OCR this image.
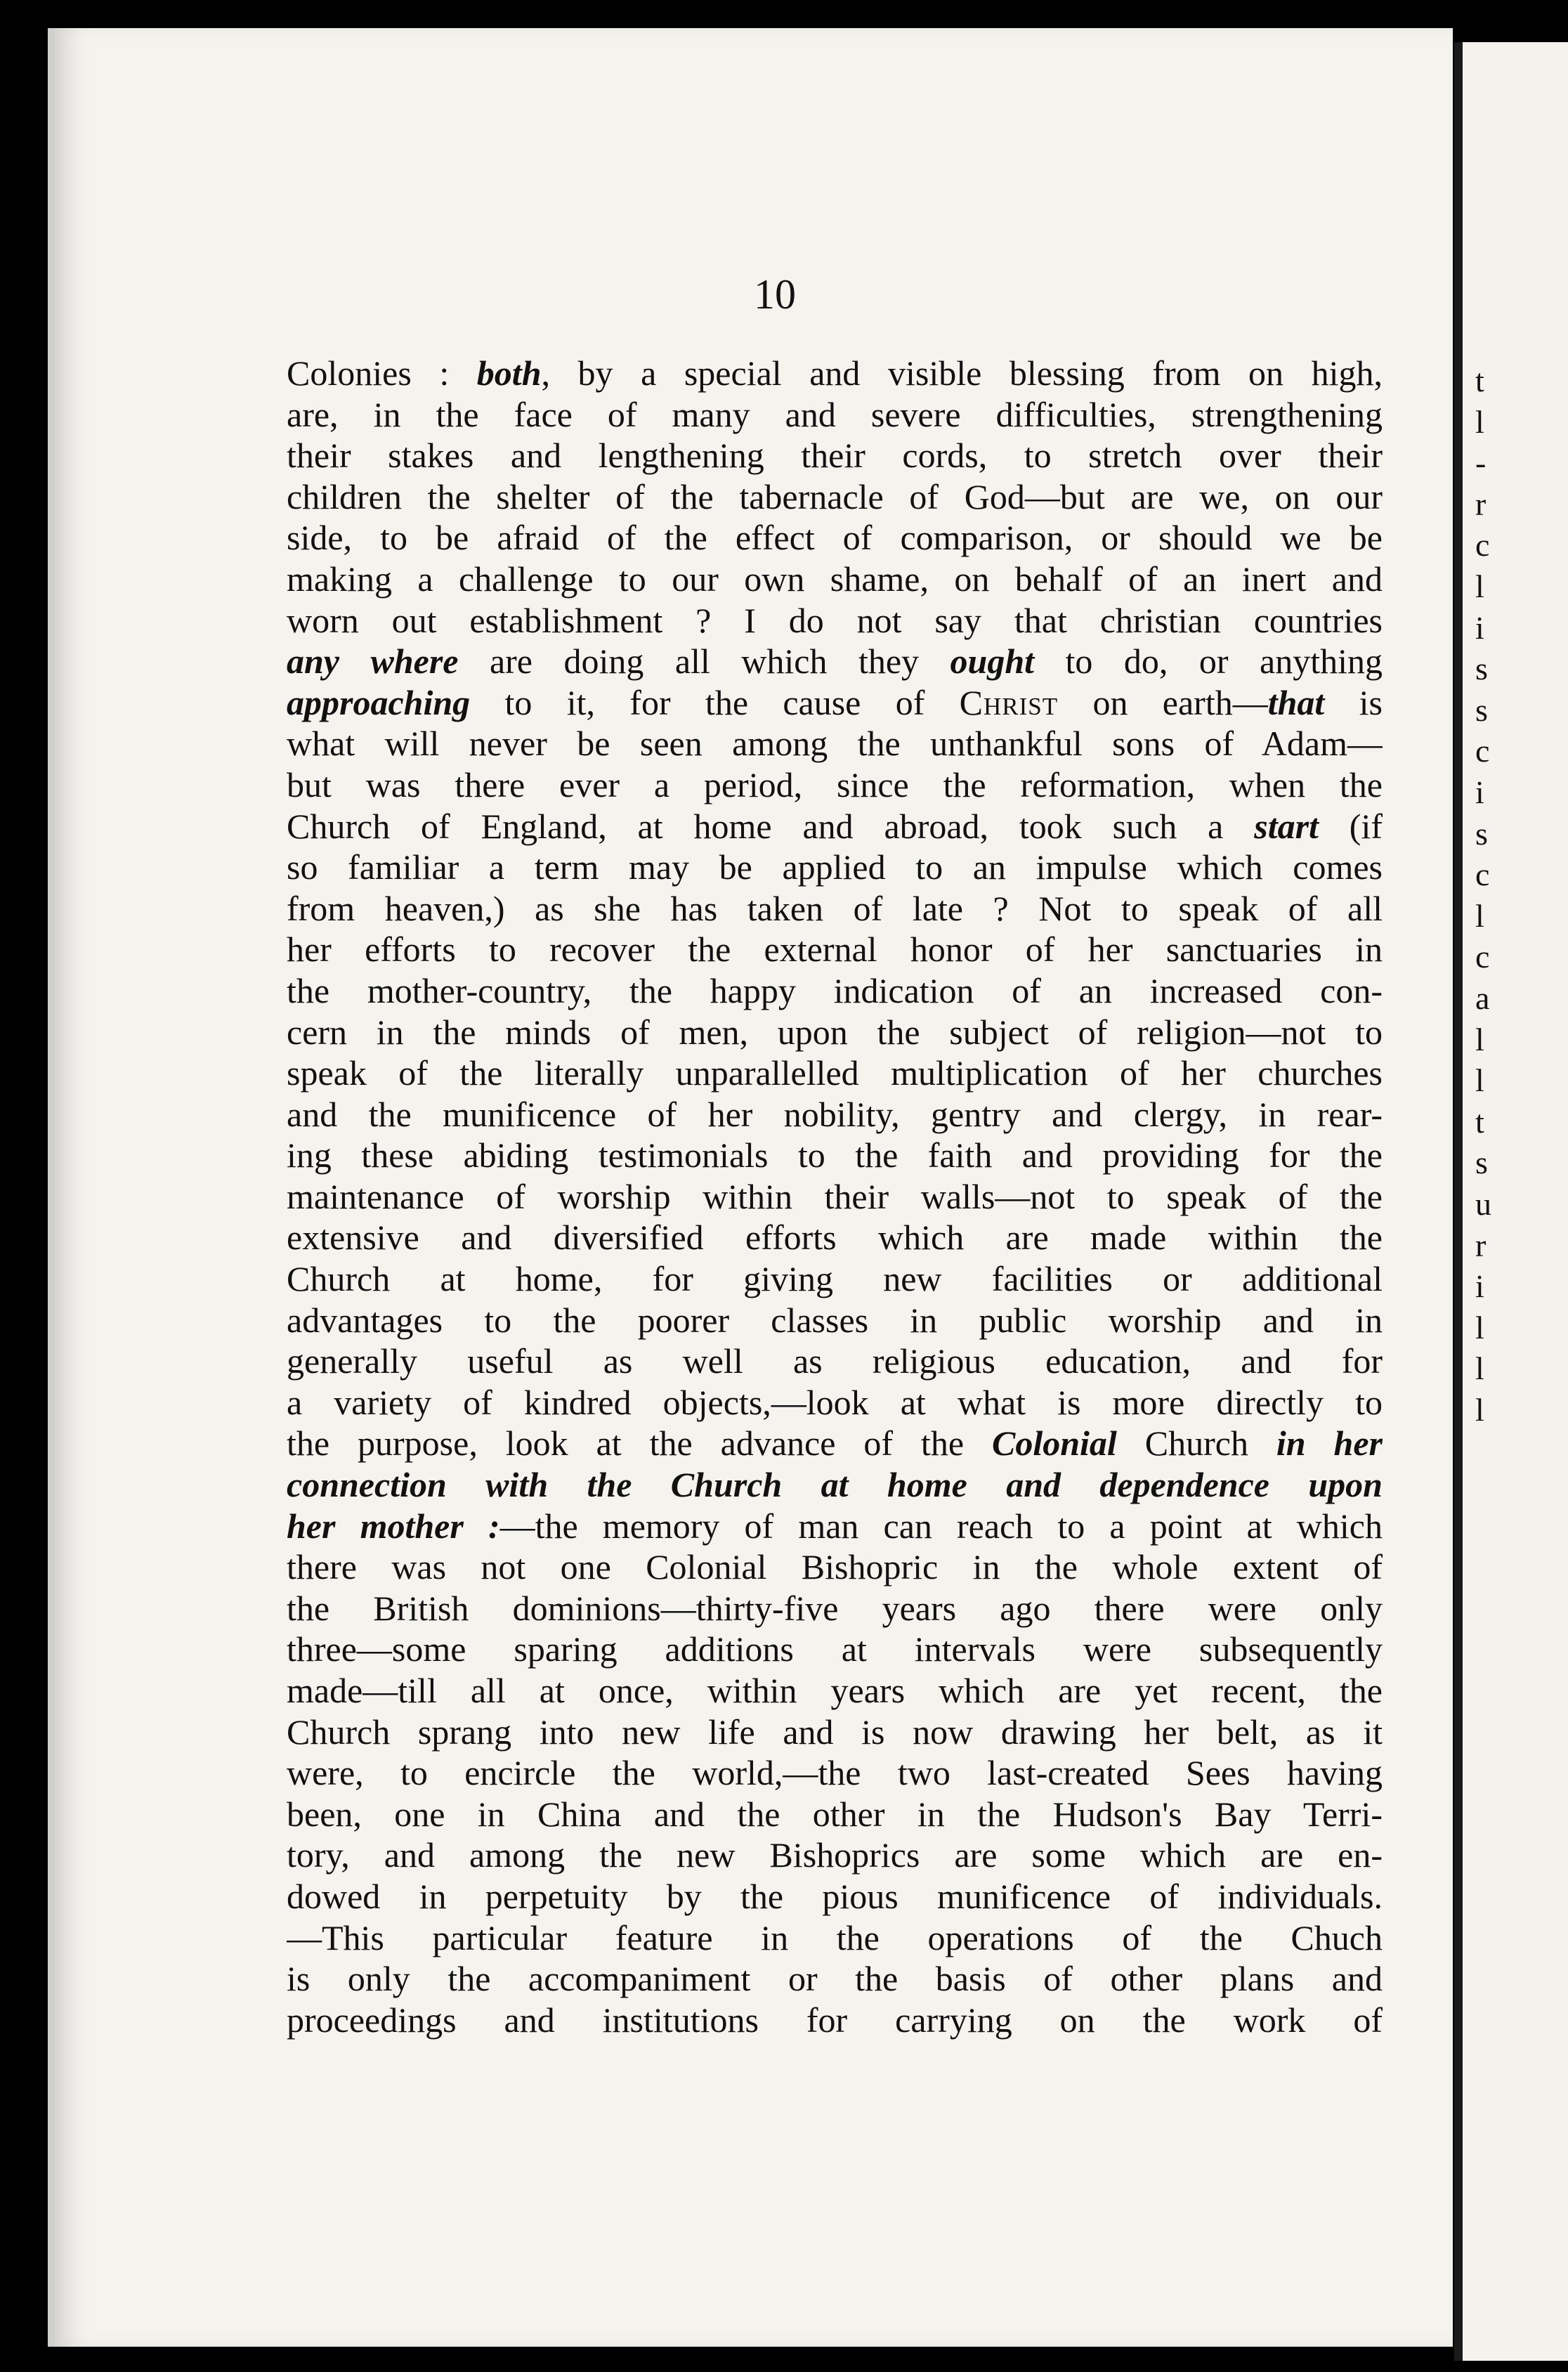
10
Colonies : both, by a special and visible blessing from on high,
are, in the face of many and severe difficulties, strengthening
their stakes and lengthening their cords, to stretch over their
children the shelter of the tabernacle of God—but are we, on our
side, to be afraid of the effect of comparison, or should we be
making a challenge to our own shame, on behalf of an inert and
worn out establishment ? I do not say that christian countries
any where are doing all which they ought to do, or anything
approaching to it, for the cause of Christ on earth—that is
what will never be seen among the unthankful sons of Adam—
but was there ever a period, since the reformation, when the
Church of England, at home and abroad, took such a start (if
so familiar a term may be applied to an impulse which comes
from heaven,) as she has taken of late ? Not to speak of all
her efforts to recover the external honor of her sanctuaries in
the mother-country, the happy indication of an increased con-
cern in the minds of men, upon the subject of religion—not to
speak of the literally unparallelled multiplication of her churches
and the munificence of her nobility, gentry and clergy, in rear-
ing these abiding testimonials to the faith and providing for the
maintenance of worship within their walls—not to speak of the
extensive and diversified efforts which are made within the
Church at home, for giving new facilities or additional
advantages to the poorer classes in public worship and in
generally useful as well as religious education, and for
a variety of kindred objects,—look at what is more directly to
the purpose, look at the advance of the Colonial Church in her
connection with the Church at home and dependence upon
her mother :—the memory of man can reach to a point at which
there was not one Colonial Bishopric in the whole extent of
the British dominions—thirty-five years ago there were only
three—some sparing additions at intervals were subsequently
made—till all at once, within years which are yet recent, the
Church sprang into new life and is now drawing her belt, as it
were, to encircle the world,—the two last-created Sees having
been, one in China and the other in the Hudson's Bay Terri-
tory, and among the new Bishoprics are some which are en-
dowed in perpetuity by the pious munificence of individuals.
—This particular feature in the operations of the Chuch
is only the accompaniment or the basis of other plans and
proceedings and institutions for carrying on the work of
t
l
-
r
c
l
i
s
s
c
i
s
c
l
c
a
l
l
t
s
u
r
i
l
l
l
